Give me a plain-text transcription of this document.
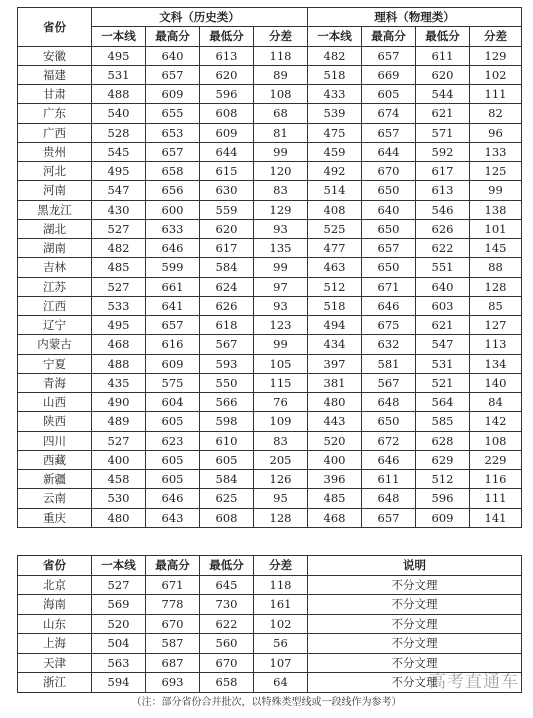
省份	文科（历史类）				理科（物理类）			
	一本线	最高分	最低分	分差	一本线	最高分	最低分	分差
安徽	495	640	613	118	482	657	611	129
福建	531	657	620	89	518	669	620	102
甘肃	488	609	596	108	433	605	544	111
广东	540	655	608	68	539	674	621	82
广西	528	653	609	81	475	657	571	96
贵州	545	657	644	99	459	644	592	133
河北	495	658	615	120	492	670	617	125
河南	547	656	630	83	514	650	613	99
黑龙江	430	600	559	129	408	640	546	138
湖北	527	633	620	93	525	650	626	101
湖南	482	646	617	135	477	657	622	145
吉林	485	599	584	99	463	650	551	88
江苏	527	661	624	97	512	671	640	128
江西	533	641	626	93	518	646	603	85
辽宁	495	657	618	123	494	675	621	127
内蒙古	468	616	567	99	434	632	547	113
宁夏	488	609	593	105	397	581	531	134
青海	435	575	550	115	381	567	521	140
山西	490	604	566	76	480	648	564	84
陕西	489	605	598	109	443	650	585	142
四川	527	623	610	83	520	672	628	108
西藏	400	605	605	205	400	646	629	229
新疆	458	605	584	126	396	611	512	116
云南	530	646	625	95	485	648	596	111
重庆	480	643	608	128	468	657	609	141
省份	一本线	最高分	最低分	分差	说明
北京	527	671	645	118	不分文理
海南	569	778	730	161	不分文理
山东	520	670	622	102	不分文理
上海	504	587	560	56	不分文理
天津	563	687	670	107	不分文理
浙江	594	693	658	64	不分文理
（注：部分省份合并批次，以特殊类型线或一段线作为参考）
高考直通车
